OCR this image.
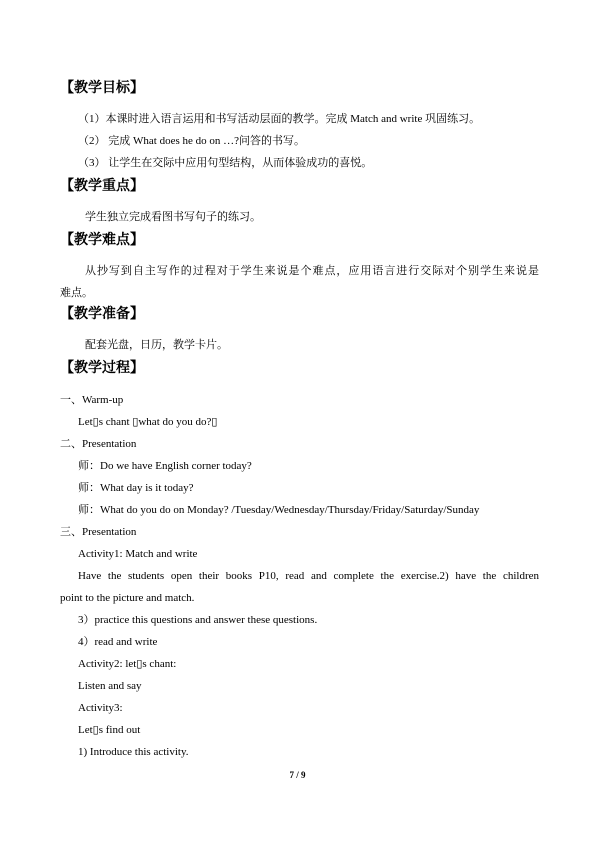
【教学目标】
（1）本课时进入语言运用和书写活动层面的教学。完成 Match and write 巩固练习。
（2） 完成 What does he do on …?问答的书写。
（3） 让学生在交际中应用句型结构，从而体验成功的喜悦。
【教学重点】
学生独立完成看图书写句子的练习。
【教学难点】
从抄写到自主写作的过程对于学生来说是个难点，应用语言进行交际对个别学生来说是
难点。
【教学准备】
配套光盘，日历，教学卡片。
【教学过程】
一、Warm-up
Let▯s chant ▯what do you do?▯
二、Presentation
师：Do we have English corner today?
师：What day is it today?
师：What do you do on Monday? /Tuesday/Wednesday/Thursday/Friday/Saturday/Sunday
三、Presentation
Activity1: Match and write
Have the students open their books P10, read and complete the exercise.2) have the children
point to the picture and match.
3）practice this questions and answer these questions.
4）read and write
Activity2: let▯s chant:
Listen and say
Activity3:
Let▯s find out
1) Introduce this activity.
7 / 9
